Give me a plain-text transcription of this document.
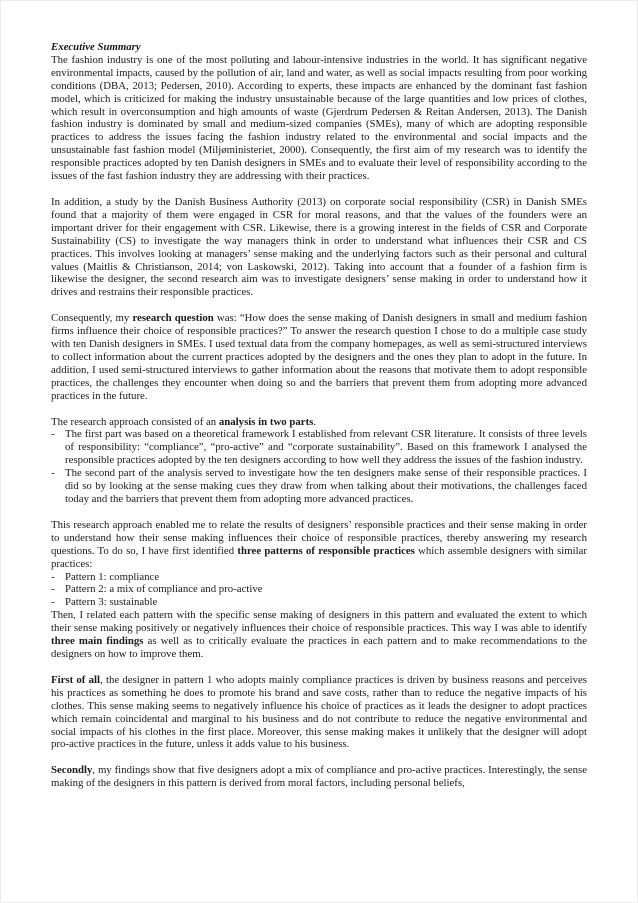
Executive Summary

The fashion industry is one of the most polluting and labour-intensive industries in the world. It has significant negative environmental impacts, caused by the pollution of air, land and water, as well as social impacts resulting from poor working conditions (DBA, 2013; Pedersen, 2010). According to experts, these impacts are enhanced by the dominant fast fashion model, which is criticized for making the industry unsustainable because of the large quantities and low prices of clothes, which result in overconsumption and high amounts of waste (Gjerdrum Pedersen & Reitan Andersen, 2013). The Danish fashion industry is dominated by small and medium-sized companies (SMEs), many of which are adopting responsible practices to address the issues facing the fashion industry related to the environmental and social impacts and the unsustainable fast fashion model (Miljøministeriet, 2000). Consequently, the first aim of my research was to identify the responsible practices adopted by ten Danish designers in SMEs and to evaluate their level of responsibility according to the issues of the fast fashion industry they are addressing with their practices.

In addition, a study by the Danish Business Authority (2013) on corporate social responsibility (CSR) in Danish SMEs found that a majority of them were engaged in CSR for moral reasons, and that the values of the founders were an important driver for their engagement with CSR. Likewise, there is a growing interest in the fields of CSR and Corporate Sustainability (CS) to investigate the way managers think in order to understand what influences their CSR and CS practices. This involves looking at managers’ sense making and the underlying factors such as their personal and cultural values (Maitlis & Christianson, 2014; von Laskowski, 2012). Taking into account that a founder of a fashion firm is likewise the designer, the second research aim was to investigate designers’ sense making in order to understand how it drives and restrains their responsible practices.

Consequently, my research question was: “How does the sense making of Danish designers in small and medium fashion firms influence their choice of responsible practices?” To answer the research question I chose to do a multiple case study with ten Danish designers in SMEs. I used textual data from the company homepages, as well as semi-structured interviews to collect information about the current practices adopted by the designers and the ones they plan to adopt in the future. In addition, I used semi-structured interviews to gather information about the reasons that motivate them to adopt responsible practices, the challenges they encounter when doing so and the barriers that prevent them from adopting more advanced practices in the future.

The research approach consisted of an analysis in two parts.

- The first part was based on a theoretical framework I established from relevant CSR literature. It consists of three levels of responsibility: “compliance”, “pro-active” and “corporate sustainability”. Based on this framework I analysed the responsible practices adopted by the ten designers according to how well they address the issues of the fashion industry.
- The second part of the analysis served to investigate how the ten designers make sense of their responsible practices. I did so by looking at the sense making cues they draw from when talking about their motivations, the challenges faced today and the barriers that prevent them from adopting more advanced practices.

This research approach enabled me to relate the results of designers’ responsible practices and their sense making in order to understand how their sense making influences their choice of responsible practices, thereby answering my research questions. To do so, I have first identified three patterns of responsible practices which assemble designers with similar practices:

- Pattern 1: compliance
- Pattern 2: a mix of compliance and pro-active
- Pattern 3: sustainable

Then, I related each pattern with the specific sense making of designers in this pattern and evaluated the extent to which their sense making positively or negatively influences their choice of responsible practices. This way I was able to identify three main findings as well as to critically evaluate the practices in each pattern and to make recommendations to the designers on how to improve them.

First of all, the designer in pattern 1 who adopts mainly compliance practices is driven by business reasons and perceives his practices as something he does to promote his brand and save costs, rather than to reduce the negative impacts of his clothes. This sense making seems to negatively influence his choice of practices as it leads the designer to adopt practices which remain coincidental and marginal to his business and do not contribute to reduce the negative environmental and social impacts of his clothes in the first place. Moreover, this sense making makes it unlikely that the designer will adopt pro-active practices in the future, unless it adds value to his business.

Secondly, my findings show that five designers adopt a mix of compliance and pro-active practices. Interestingly, the sense making of the designers in this pattern is derived from moral factors, including personal beliefs,
